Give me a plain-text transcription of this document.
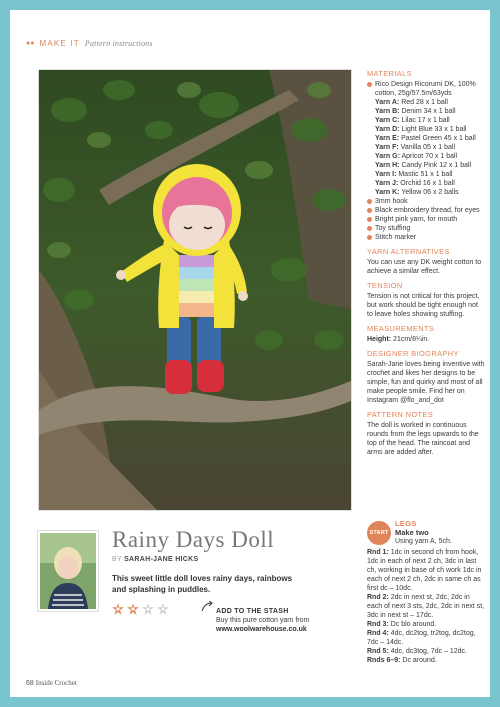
●● MAKE IT Pattern instructions
MATERIALS
Rico Design Ricorumi DK, 100% cotton, 25g/57.5m/63yds
Yarn A: Red 28 x 1 ball
Yarn B: Denim 34 x 1 ball
Yarn C: Lilac 17 x 1 ball
Yarn D: Light Blue 33 x 1 ball
Yarn E: Pastel Green 45 x 1 ball
Yarn F: Vanilla 05 x 1 ball
Yarn G: Apricot 70 x 1 ball
Yarn H: Candy Pink 12 x 1 ball
Yarn I: Mastic 51 x 1 ball
Yarn J: Orchid 16 x 1 ball
Yarn K: Yellow 06 x 2 balls
3mm hook
Black embroidery thread, for eyes
Bright pink yarn, for mouth
Toy stuffing
Stitch marker
YARN ALTERNATIVES
You can use any DK weight cotton to achieve a similar effect.
TENSION
Tension is not critical for this project, but work should be tight enough not to leave holes showing stuffing.
MEASUREMENTS
Height: 21cm/8¼in.
DESIGNER BIOGRAPHY
Sarah-Jane loves being inventive with crochet and likes her designs to be simple, fun and quirky and most of all make people smile. Find her on Instagram @flo_and_dot
PATTERN NOTES
The doll is worked in continuous rounds from the legs upwards to the top of the head. The raincoat and arms are added after.
Rainy Days Doll
BY SARAH-JANE HICKS
This sweet little doll loves rainy days, rainbows and splashing in puddles.
ADD TO THE STASH
Buy this pure cotton yarn from
www.woolwarehouse.co.uk
START
LEGS
Make two
Using yarn A, 5ch.
Rnd 1: 1dc in second ch from hook, 1dc in each of next 2 ch, 3dc in last ch, working in base of ch work 1dc in each of next 2 ch, 2dc in same ch as first dc – 10dc.
Rnd 2: 2dc in next st, 2dc, 2dc in each of next 3 sts, 2dc, 2dc in next st, 3dc in next st – 17dc.
Rnd 3: Dc blo around.
Rnd 4: 4dc, dc2tog, tr2tog, dc2tog, 7dc – 14dc.
Rnd 5: 4dc, dc3tog, 7dc – 12dc.
Rnds 6–9: Dc around.
68 Inside Crochet
